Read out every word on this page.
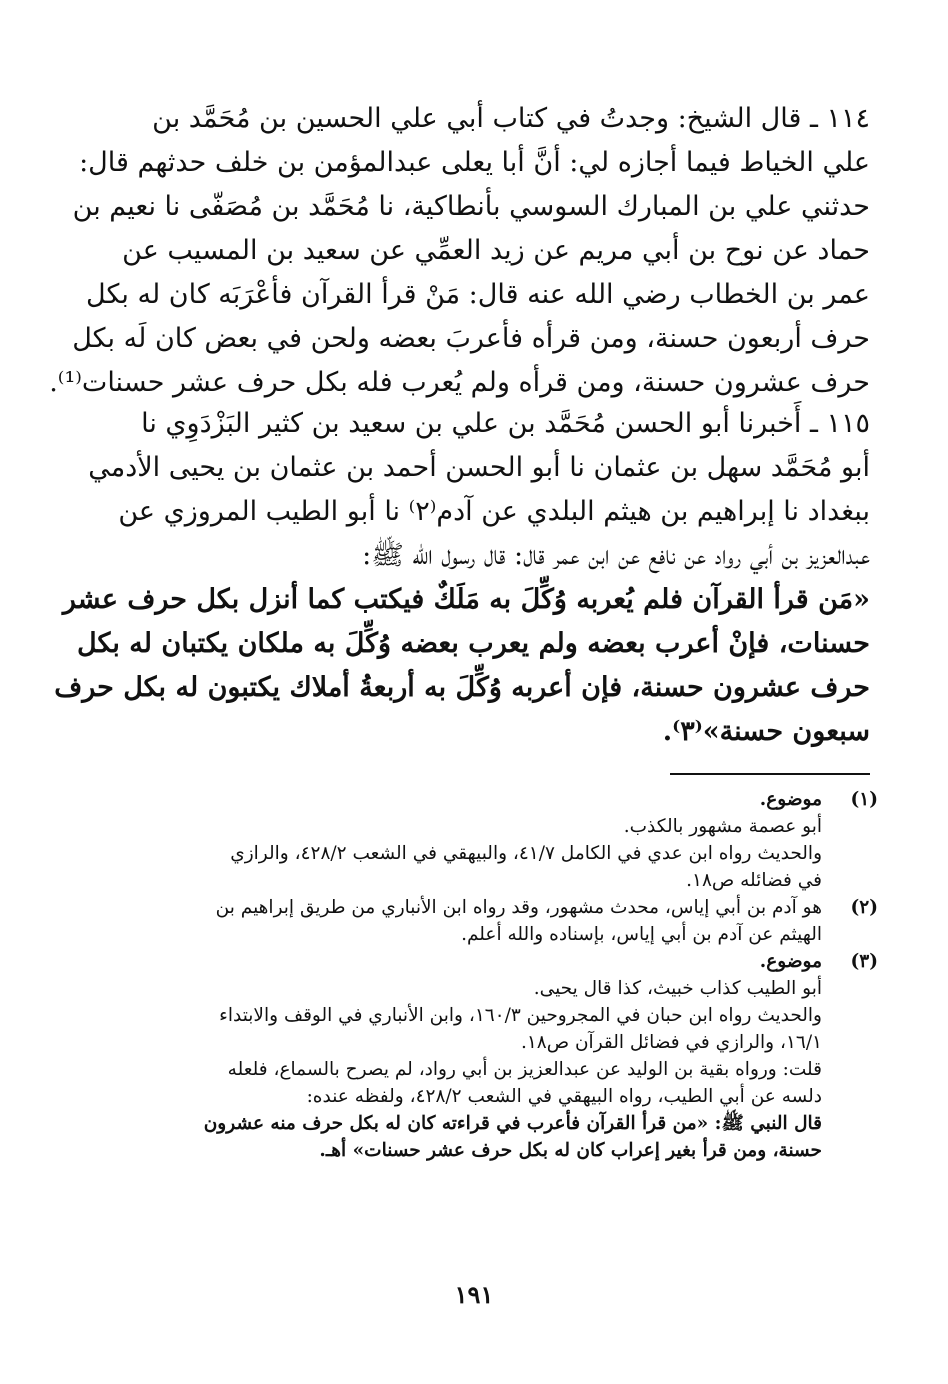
١١٤ ـ قال الشيخ: وجدتُ في كتاب أبي علي الحسين بن مُحَمَّد بن
علي الخياط فيما أجازه لي: أنَّ أبا يعلى عبدالمؤمن بن خلف حدثهم قال:
حدثني علي بن المبارك السوسي بأنطاكية، نا مُحَمَّد بن مُصَفّى نا نعيم بن
حماد عن نوح بن أبي مريم عن زيد العمِّي عن سعيد بن المسيب عن
عمر بن الخطاب رضي الله عنه قال: مَنْ قرأ القرآن فأعْرَبَه كان له بكل
حرف أربعون حسنة، ومن قرأه فأعربَ بعضه ولحن في بعض كان لَه بكل
حرف عشرون حسنة، ومن قرأه ولم يُعرب فله بكل حرف عشر حسنات⁽¹⁾.
١١٥ ـ أَخبرنا أبو الحسن مُحَمَّد بن علي بن سعيد بن كثير البَزْدَوِي نا
أبو مُحَمَّد سهل بن عثمان نا أبو الحسن أحمد بن عثمان بن يحيى الأدمي
ببغداد نا إبراهيم بن هيثم البلدي عن آدم⁽٢⁾ نا أبو الطيب المروزي عن
عبدالعزيز بن أبي رواد عن نافع عن ابن عمر قال: قال رسول اللّه ﷺ:
«مَن قرأ القرآن فلم يُعربه وُكِّلَ به مَلَكٌ فيكتب كما أنزل بكل حرف عشر
حسنات، فإنْ أعرب بعضه ولم يعرب بعضه وُكِّلَ به ملكان يكتبان له بكل
حرف عشرون حسنة، فإن أعربه وُكِّلَ به أربعةُ أملاك يكتبون له بكل حرف
سبعون حسنة»⁽٣⁾.
(١)
موضوع.
أبو عصمة مشهور بالكذب.
والحديث رواه ابن عدي في الكامل ٤١/٧، والبيهقي في الشعب ٤٢٨/٢، والرازي
في فضائله ص١٨.
(٢)
هو آدم بن أبي إياس، محدث مشهور، وقد رواه ابن الأنباري من طريق إبراهيم بن
الهيثم عن آدم بن أبي إياس، بإسناده والله أعلم.
(٣)
موضوع.
أبو الطيب كذاب خبيث، كذا قال يحيى.
والحديث رواه ابن حبان في المجروحين ١٦٠/٣، وابن الأنباري في الوقف والابتداء
١٦/١، والرازي في فضائل القرآن ص١٨.
قلت: ورواه بقية بن الوليد عن عبدالعزيز بن أبي رواد، لم يصرح بالسماع، فلعله
دلسه عن أبي الطيب، رواه البيهقي في الشعب ٤٢٨/٢، ولفظه عنده:
قال النبي ﷺ: «من قرأ القرآن فأعرب في قراءته كان له بكل حرف منه عشرون
حسنة، ومن قرأ بغير إعراب كان له بكل حرف عشر حسنات» أهـ.
١٩١
